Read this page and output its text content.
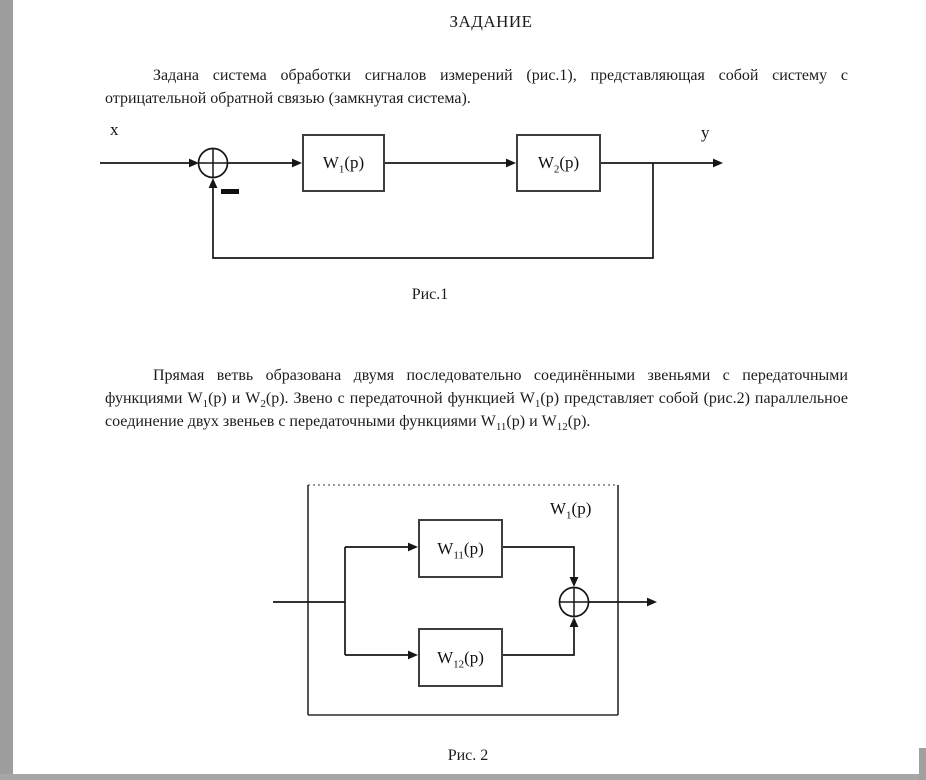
ЗАДАНИЕ

Задана система обработки сигналов измерений (рис.1), представляющая собой систему с отрицательной обратной связью (замкнутая система).

Прямая ветвь образована двумя последовательно соединёнными звеньями с передаточными функциями $W_1(p)$ и $W_2(p)$. Звено с передаточной функцией $W_1(p)$ представляет собой (рис.2) параллельное соединение двух звеньев с передаточными функциями $W_{11}(p)$ и $W_{12}(p)$.

x	y
$W_1(p)$	$W_2(p)$
Рис.1
$W_1(p)$
$W_{11}(p)$
$W_{12}(p)$
Рис. 2
